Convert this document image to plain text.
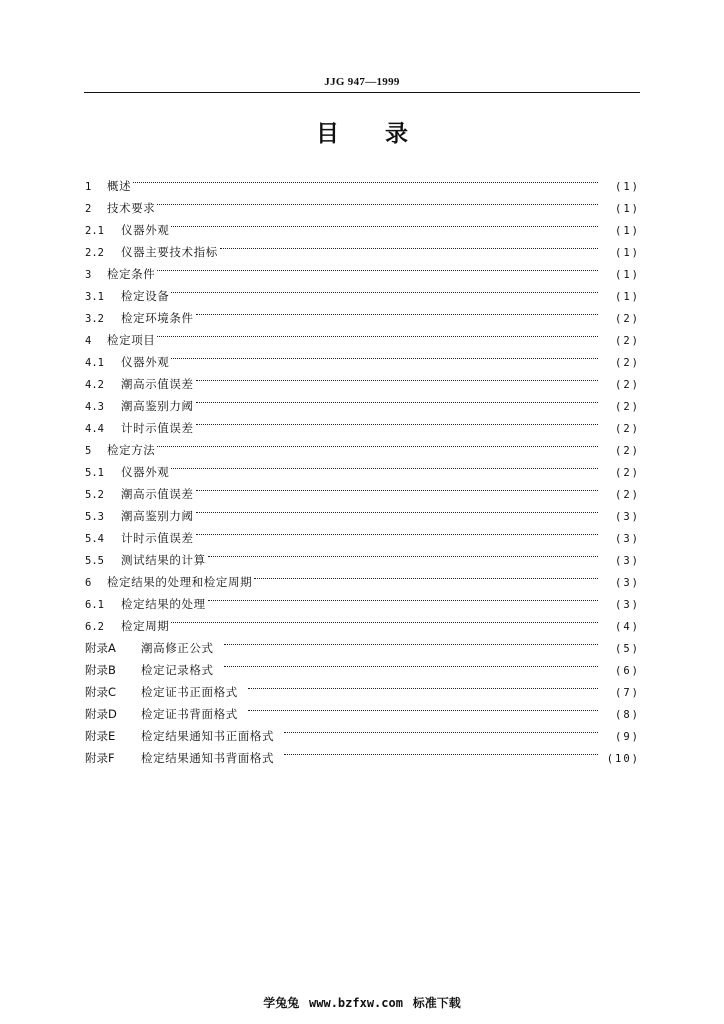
JJG 947—1999
目录
1	概述	(1)
2	技术要求	(1)
2.1	仪器外观	(1)
2.2	仪器主要技术指标	(1)
3	检定条件	(1)
3.1	检定设备	(1)
3.2	检定环境条件	(2)
4	检定项目	(2)
4.1	仪器外观	(2)
4.2	潮高示值误差	(2)
4.3	潮高鉴别力阈	(2)
4.4	计时示值误差	(2)
5	检定方法	(2)
5.1	仪器外观	(2)
5.2	潮高示值误差	(2)
5.3	潮高鉴别力阈	(3)
5.4	计时示值误差	(3)
5.5	测试结果的计算	(3)
6	检定结果的处理和检定周期	(3)
6.1	检定结果的处理	(3)
6.2	检定周期	(4)
附录A	潮高修正公式	(5)
附录B	检定记录格式	(6)
附录C	检定证书正面格式	(7)
附录D	检定证书背面格式	(8)
附录E	检定结果通知书正面格式	(9)
附录F	检定结果通知书背面格式	(10)
学兔兔 www.bzfxw.com 标准下载
